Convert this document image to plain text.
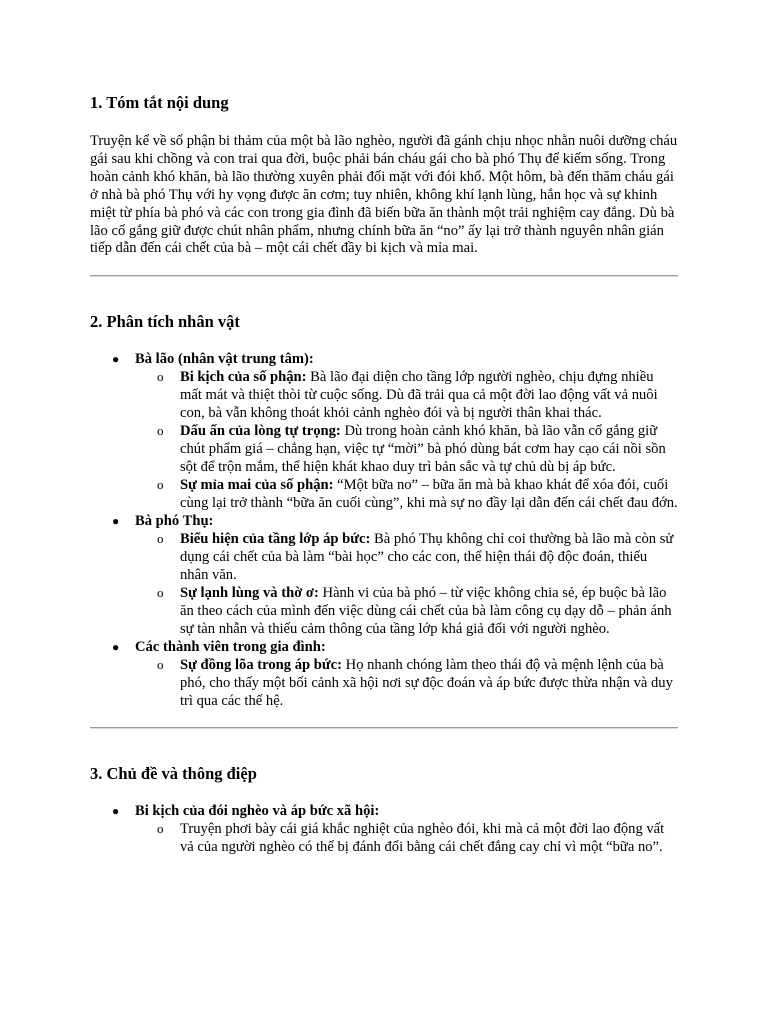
1. Tóm tắt nội dung

Truyện kể về số phận bi thảm của một bà lão nghèo, người đã gánh chịu nhọc nhằn nuôi dưỡng cháu gái sau khi chồng và con trai qua đời, buộc phải bán cháu gái cho bà phó Thụ để kiếm sống. Trong hoàn cảnh khó khăn, bà lão thường xuyên phải đối mặt với đói khổ. Một hôm, bà đến thăm cháu gái ở nhà bà phó Thụ với hy vọng được ăn cơm; tuy nhiên, không khí lạnh lùng, hắn học và sự khinh miệt từ phía bà phó và các con trong gia đình đã biến bữa ăn thành một trải nghiệm cay đắng. Dù bà lão cố gắng giữ được chút nhân phẩm, nhưng chính bữa ăn “no” ấy lại trở thành nguyên nhân gián tiếp dẫn đến cái chết của bà – một cái chết đầy bi kịch và mỉa mai.

2. Phân tích nhân vật
● Bà lão (nhân vật trung tâm):
o Bi kịch của số phận: Bà lão đại diện cho tầng lớp người nghèo, chịu đựng nhiều mất mát và thiệt thòi từ cuộc sống. Dù đã trải qua cả một đời lao động vất vả nuôi con, bà vẫn không thoát khỏi cảnh nghèo đói và bị người thân khai thác.
o Dấu ấn của lòng tự trọng: Dù trong hoàn cảnh khó khăn, bà lão vẫn cố gắng giữ chút phẩm giá – chẳng hạn, việc tự “mời” bà phó dùng bát cơm hay cạo cái nồi sồn sột để trộn mắm, thể hiện khát khao duy trì bản sắc và tự chủ dù bị áp bức.
o Sự mỉa mai của số phận: “Một bữa no” – bữa ăn mà bà khao khát để xóa đói, cuối cùng lại trở thành “bữa ăn cuối cùng”, khi mà sự no đầy lại dẫn đến cái chết đau đớn.
● Bà phó Thụ:
o Biểu hiện của tầng lớp áp bức: Bà phó Thụ không chỉ coi thường bà lão mà còn sử dụng cái chết của bà làm “bài học” cho các con, thể hiện thái độ độc đoán, thiếu nhân văn.
o Sự lạnh lùng và thờ ơ: Hành vi của bà phó – từ việc không chia sẻ, ép buộc bà lão ăn theo cách của mình đến việc dùng cái chết của bà làm công cụ dạy dỗ – phản ánh sự tàn nhẫn và thiếu cảm thông của tầng lớp khá giả đối với người nghèo.
● Các thành viên trong gia đình:
o Sự đồng lõa trong áp bức: Họ nhanh chóng làm theo thái độ và mệnh lệnh của bà phó, cho thấy một bối cảnh xã hội nơi sự độc đoán và áp bức được thừa nhận và duy trì qua các thế hệ.
3. Chủ đề và thông điệp
● Bi kịch của đói nghèo và áp bức xã hội:
o Truyện phơi bày cái giá khắc nghiệt của nghèo đói, khi mà cả một đời lao động vất vả của người nghèo có thể bị đánh đổi bằng cái chết đắng cay chỉ vì một “bữa no”.
